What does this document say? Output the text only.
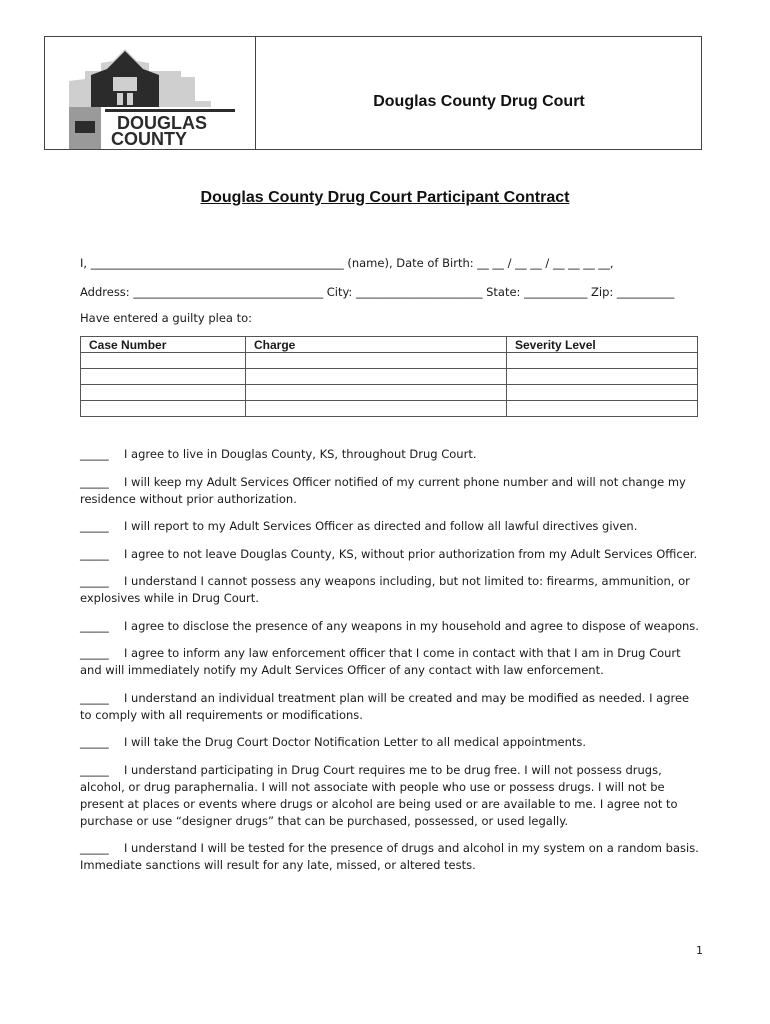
DOUGLAS
COUNTY
Douglas County Drug Court
Douglas County Drug Court Participant Contract
I, ____________________________________________ (name), Date of Birth: __ __ / __ __ / __ __ __ __,
Address: _________________________________ City: ______________________ State: ___________ Zip: __________
Have entered a guilty plea to:
Case Number	Charge	Severity Level

_____ I agree to live in Douglas County, KS, throughout Drug Court.
_____ I will keep my Adult Services Officer notified of my current phone number and will not change my residence without prior authorization.
_____ I will report to my Adult Services Officer as directed and follow all lawful directives given.
_____ I agree to not leave Douglas County, KS, without prior authorization from my Adult Services Officer.
_____ I understand I cannot possess any weapons including, but not limited to: firearms, ammunition, or explosives while in Drug Court.
_____ I agree to disclose the presence of any weapons in my household and agree to dispose of weapons.
_____ I agree to inform any law enforcement officer that I come in contact with that I am in Drug Court and will immediately notify my Adult Services Officer of any contact with law enforcement.
_____ I understand an individual treatment plan will be created and may be modified as needed. I agree to comply with all requirements or modifications.
_____ I will take the Drug Court Doctor Notification Letter to all medical appointments.
_____ I understand participating in Drug Court requires me to be drug free. I will not possess drugs, alcohol, or drug paraphernalia. I will not associate with people who use or possess drugs. I will not be present at places or events where drugs or alcohol are being used or are available to me. I agree not to purchase or use “designer drugs” that can be purchased, possessed, or used legally.
_____ I understand I will be tested for the presence of drugs and alcohol in my system on a random basis. Immediate sanctions will result for any late, missed, or altered tests.
1
